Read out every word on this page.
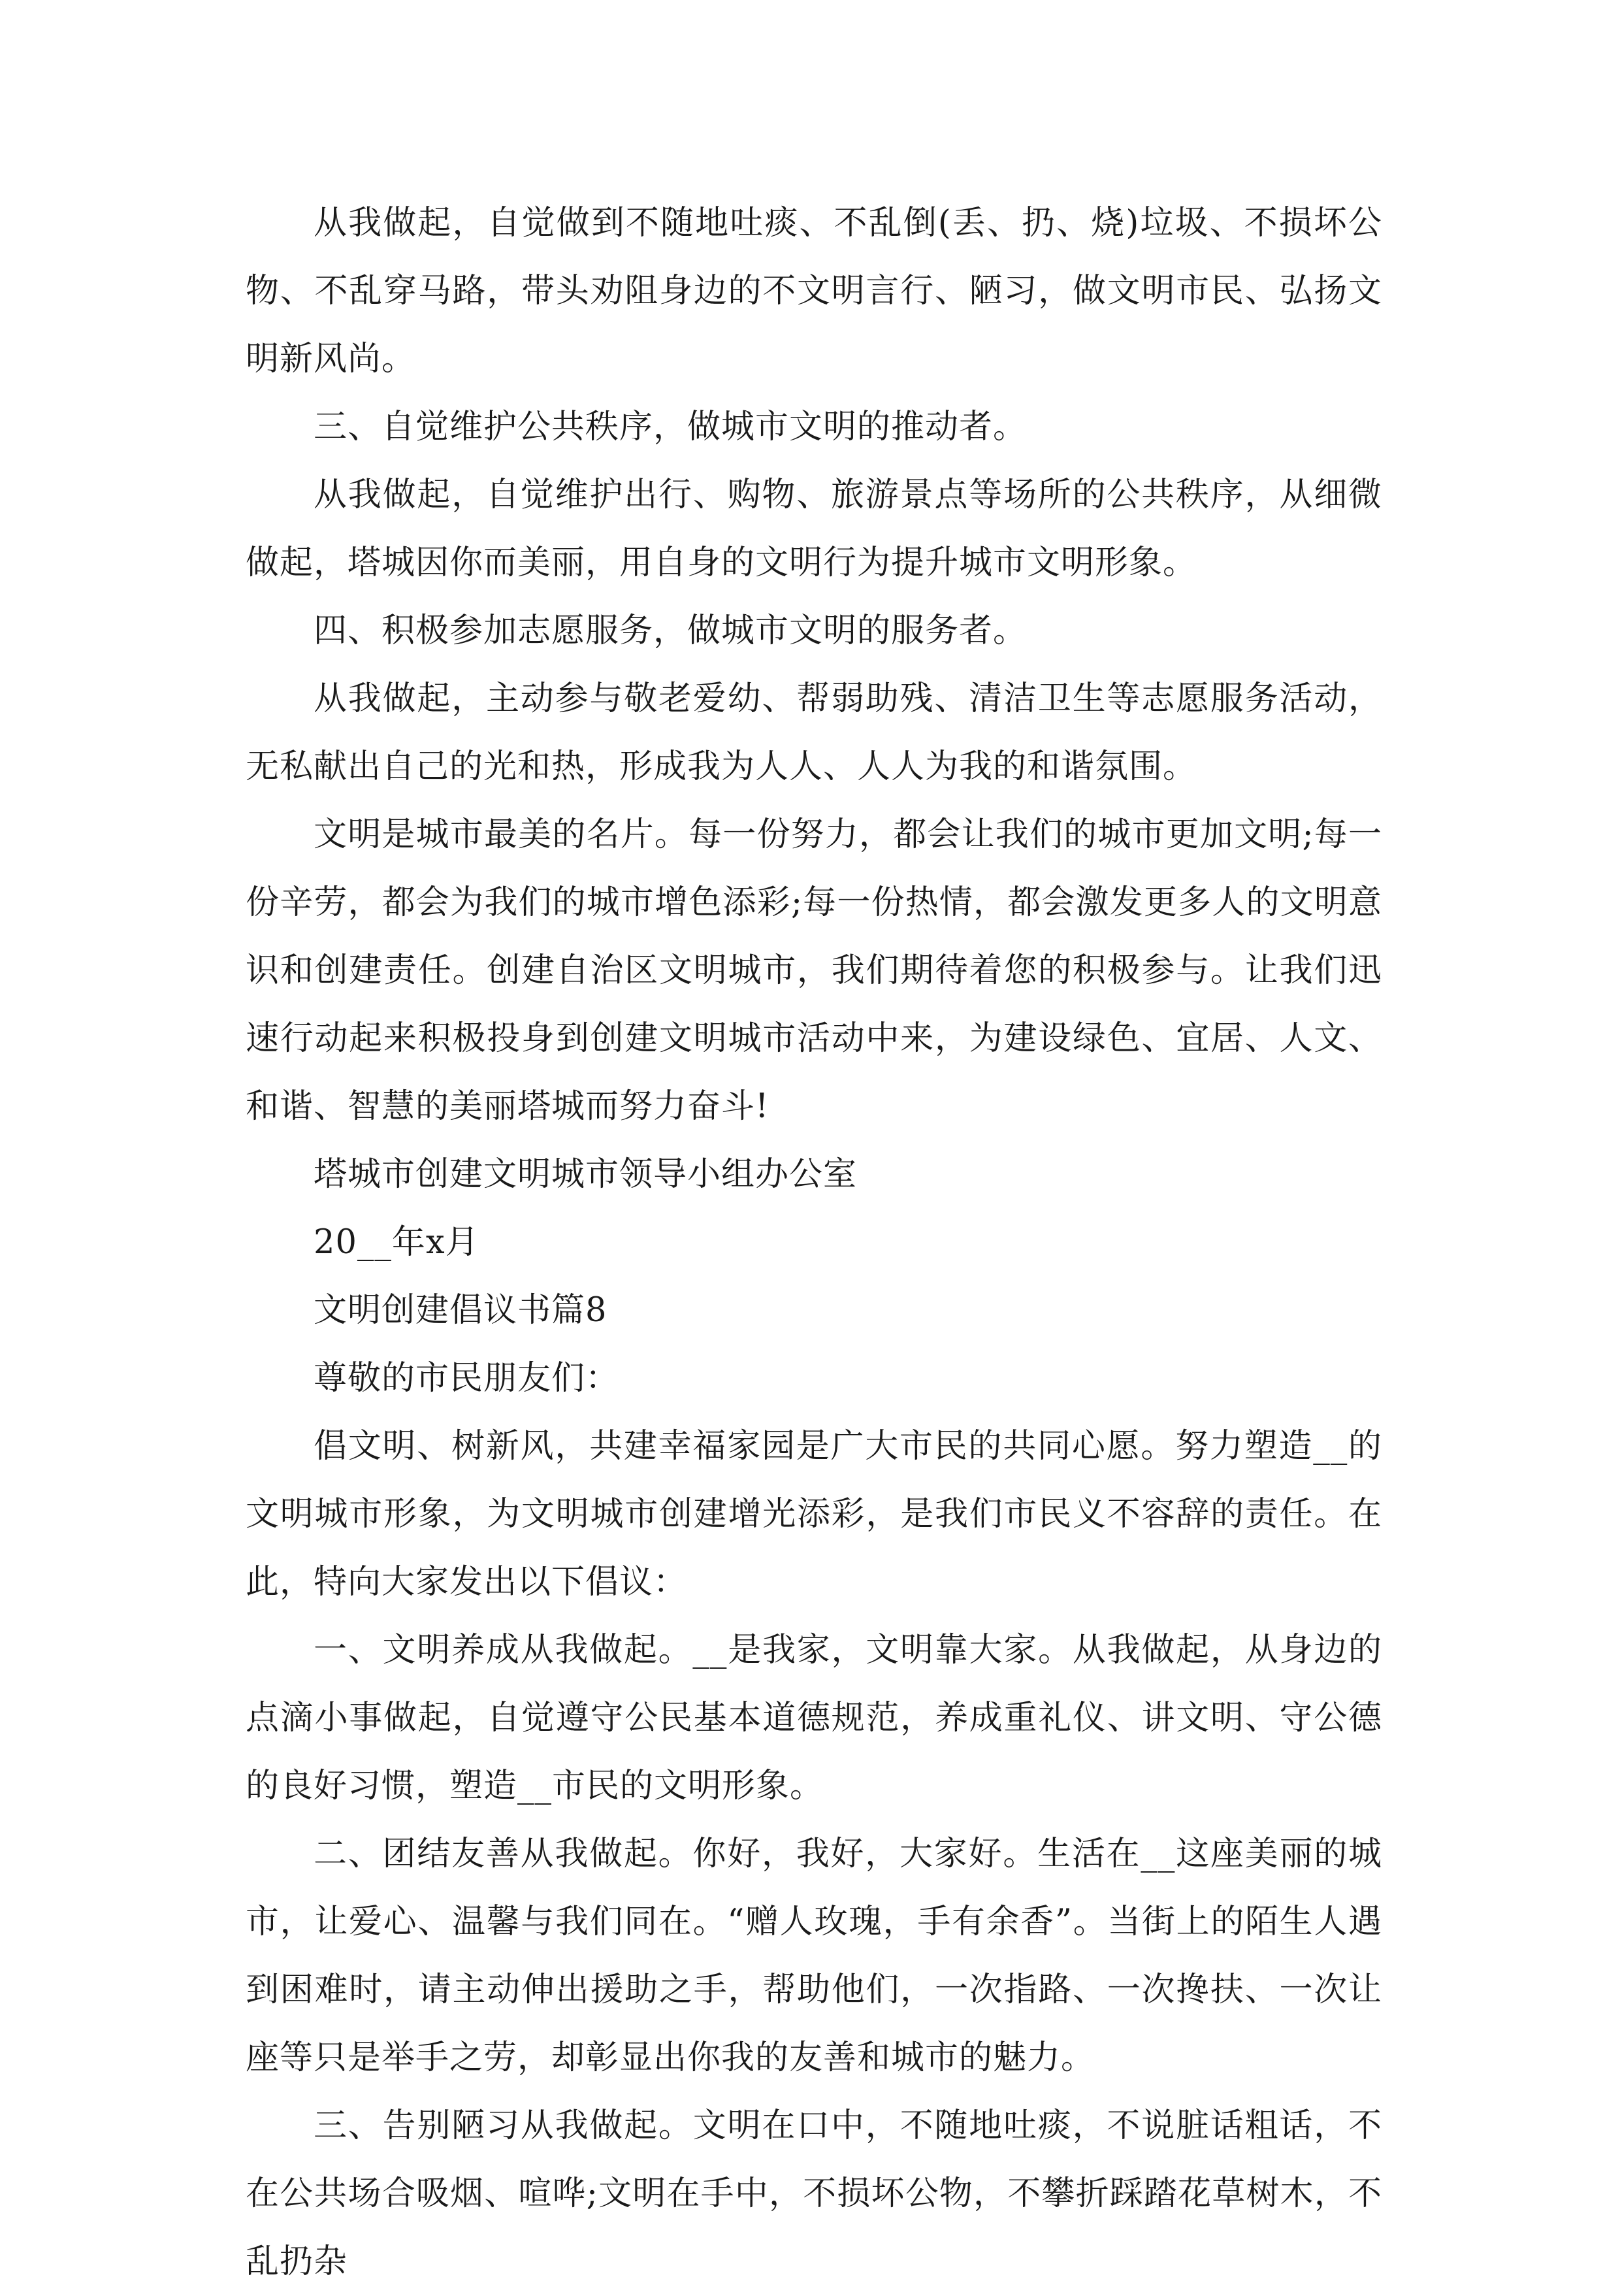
从我做起，自觉做到不随地吐痰、不乱倒(丢、扔、烧)垃圾、不损坏公物、不乱穿马路，带头劝阻身边的不文明言行、陋习，做文明市民、弘扬文明新风尚。

三、自觉维护公共秩序，做城市文明的推动者。

从我做起，自觉维护出行、购物、旅游景点等场所的公共秩序，从细微做起，塔城因你而美丽，用自身的文明行为提升城市文明形象。

四、积极参加志愿服务，做城市文明的服务者。

从我做起，主动参与敬老爱幼、帮弱助残、清洁卫生等志愿服务活动，无私献出自己的光和热，形成我为人人、人人为我的和谐氛围。

文明是城市最美的名片。每一份努力，都会让我们的城市更加文明;每一份辛劳，都会为我们的城市增色添彩;每一份热情，都会激发更多人的文明意识和创建责任。创建自治区文明城市，我们期待着您的积极参与。让我们迅速行动起来积极投身到创建文明城市活动中来，为建设绿色、宜居、人文、和谐、智慧的美丽塔城而努力奋斗!

塔城市创建文明城市领导小组办公室

20__年x月

文明创建倡议书篇8

尊敬的市民朋友们：

倡文明、树新风，共建幸福家园是广大市民的共同心愿。努力塑造__的文明城市形象，为文明城市创建增光添彩，是我们市民义不容辞的责任。在此，特向大家发出以下倡议：

一、文明养成从我做起。__是我家，文明靠大家。从我做起，从身边的点滴小事做起，自觉遵守公民基本道德规范，养成重礼仪、讲文明、守公德的良好习惯，塑造__市民的文明形象。

二、团结友善从我做起。你好，我好，大家好。生活在__这座美丽的城市，让爱心、温馨与我们同在。“赠人玫瑰，手有余香”。当街上的陌生人遇到困难时，请主动伸出援助之手，帮助他们，一次指路、一次搀扶、一次让座等只是举手之劳，却彰显出你我的友善和城市的魅力。

三、告别陋习从我做起。文明在口中，不随地吐痰，不说脏话粗话，不在公共场合吸烟、喧哗;文明在手中，不损坏公物，不攀折踩踏花草树木，不乱扔杂
